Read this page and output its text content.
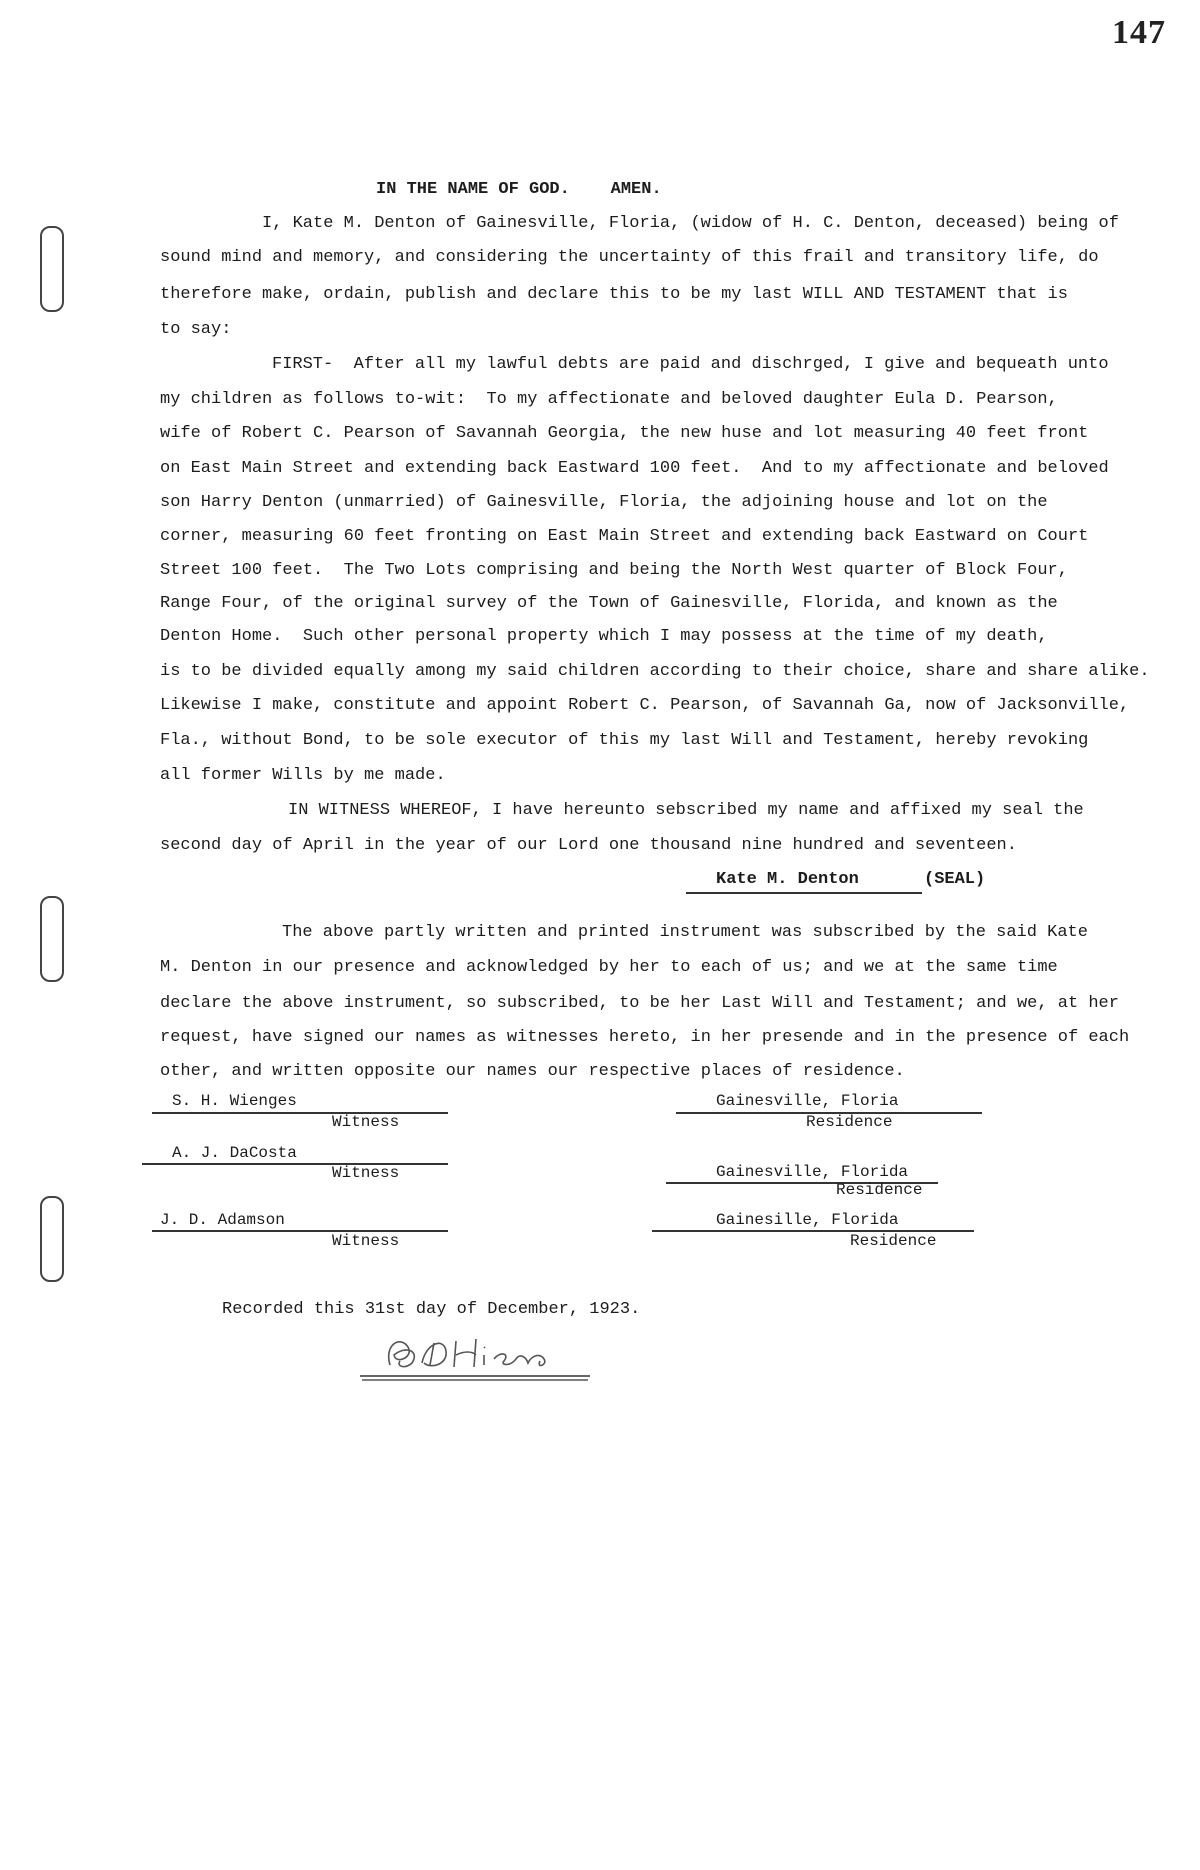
147
IN THE NAME OF GOD.    AMEN.
I, Kate M. Denton of Gainesville, Floria, (widow of H. C. Denton, deceased) being of
sound mind and memory, and considering the uncertainty of this frail and transitory life, do
therefore make, ordain, publish and declare this to be my last WILL AND TESTAMENT that is
to say:
FIRST-  After all my lawful debts are paid and dischrged, I give and bequeath unto
my children as follows to-wit:  To my affectionate and beloved daughter Eula D. Pearson,
wife of Robert C. Pearson of Savannah Georgia, the new huse and lot measuring 40 feet front
on East Main Street and extending back Eastward 100 feet.  And to my affectionate and beloved
son Harry Denton (unmarried) of Gainesville, Floria, the adjoining house and lot on the
corner, measuring 60 feet fronting on East Main Street and extending back Eastward on Court
Street 100 feet.  The Two Lots comprising and being the North West quarter of Block Four,
Range Four, of the original survey of the Town of Gainesville, Florida, and known as the
Denton Home.  Such other personal property which I may possess at the time of my death,
is to be divided equally among my said children according to their choice, share and share alike.
Likewise I make, constitute and appoint Robert C. Pearson, of Savannah Ga, now of Jacksonville,
Fla., without Bond, to be sole executor of this my last Will and Testament, hereby revoking
all former Wills by me made.
IN WITNESS WHEREOF, I have hereunto sebscribed my name and affixed my seal the
second day of April in the year of our Lord one thousand nine hundred and seventeen.
Kate M. Denton	(SEAL)
The above partly written and printed instrument was subscribed by the said Kate
M. Denton in our presence and acknowledged by her to each of us; and we at the same time
declare the above instrument, so subscribed, to be her Last Will and Testament; and we, at her
request, have signed our names as witnesses hereto, in her presende and in the presence of each
other, and written opposite our names our respective places of residence.
S. H. Wienges
Witness
Gainesville, Floria
Residence
A. J. DaCosta
Witness	Gainesville, Florida
Residence
J. D. Adamson
Witness
Gainesille, Florida
Residence
Recorded this 31st day of December, 1923.
